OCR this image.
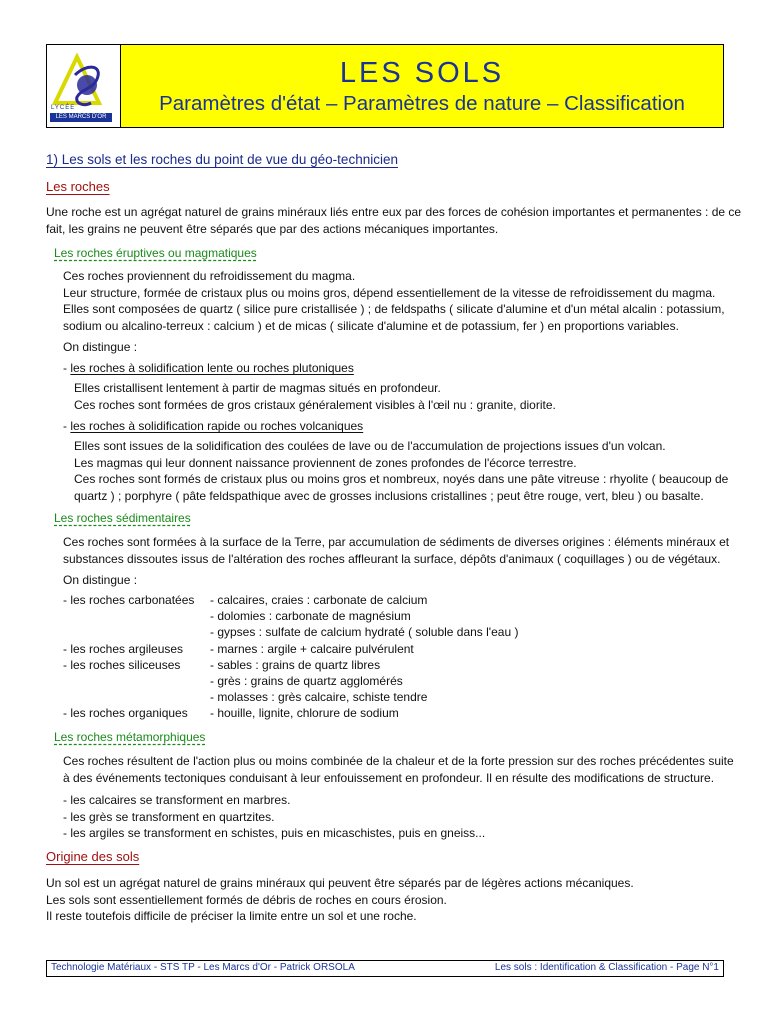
LYCÉE
LES MARCS D'OR
LES SOLS
Paramètres d'état – Paramètres de nature – Classification
1) Les sols et les roches du point de vue du géo-technicien
Les roches
Une roche est un agrégat naturel de grains minéraux liés entre eux par des forces de cohésion importantes et permanentes : de ce
fait, les grains ne peuvent être séparés que par des actions mécaniques importantes.
Les roches éruptives ou magmatiques
Ces roches proviennent du refroidissement du magma.
Leur structure, formée de cristaux plus ou moins gros, dépend essentiellement de la vitesse de refroidissement du magma.
Elles sont composées de quartz ( silice pure cristallisée ) ; de feldspaths ( silicate d'alumine et d'un métal alcalin : potassium,
sodium ou alcalino-terreux : calcium ) et de micas ( silicate d'alumine et de potassium, fer ) en proportions variables.
On distingue :
- les roches à solidification lente ou roches plutoniques
Elles cristallisent lentement à partir de magmas situés en profondeur.
Ces roches sont formées de gros cristaux généralement visibles à l'œil nu : granite, diorite.
- les roches à solidification rapide ou roches volcaniques
Elles sont issues de la solidification des coulées de lave ou de l'accumulation de projections issues d'un volcan.
Les magmas qui leur donnent naissance proviennent de zones profondes de l'écorce terrestre.
Ces roches sont formés de cristaux plus ou moins gros et nombreux, noyés dans une pâte vitreuse : rhyolite ( beaucoup de
quartz ) ; porphyre ( pâte feldspathique avec de grosses inclusions cristallines ; peut être rouge, vert, bleu ) ou basalte.
Les roches sédimentaires
Ces roches sont formées à la surface de la Terre, par accumulation de sédiments de diverses origines : éléments minéraux et
substances dissoutes issus de l'altération des roches affleurant la surface, dépôts d'animaux ( coquillages ) ou de végétaux.
On distingue :
- les roches carbonatées - calcaires, craies : carbonate de calcium
- dolomies : carbonate de magnésium
- gypses : sulfate de calcium hydraté ( soluble dans l'eau )
- les roches argileuses - marnes : argile + calcaire pulvérulent
- les roches siliceuses - sables : grains de quartz libres
- grès : grains de quartz agglomérés
- molasses : grès calcaire, schiste tendre
- les roches organiques - houille, lignite, chlorure de sodium
Les roches métamorphiques
Ces roches résultent de l'action plus ou moins combinée de la chaleur et de la forte pression sur des roches précédentes suite
à des événements tectoniques conduisant à leur enfouissement en profondeur. Il en résulte des modifications de structure.
- les calcaires se transforment en marbres.
- les grès se transforment en quartzites.
- les argiles se transforment en schistes, puis en micaschistes, puis en gneiss...
Origine des sols
Un sol est un agrégat naturel de grains minéraux qui peuvent être séparés par de légères actions mécaniques.
Les sols sont essentiellement formés de débris de roches en cours érosion.
Il reste toutefois difficile de préciser la limite entre un sol et une roche.
Technologie Matériaux - STS TP - Les Marcs d'Or - Patrick ORSOLA	Les sols : Identification & Classification - Page N°1
